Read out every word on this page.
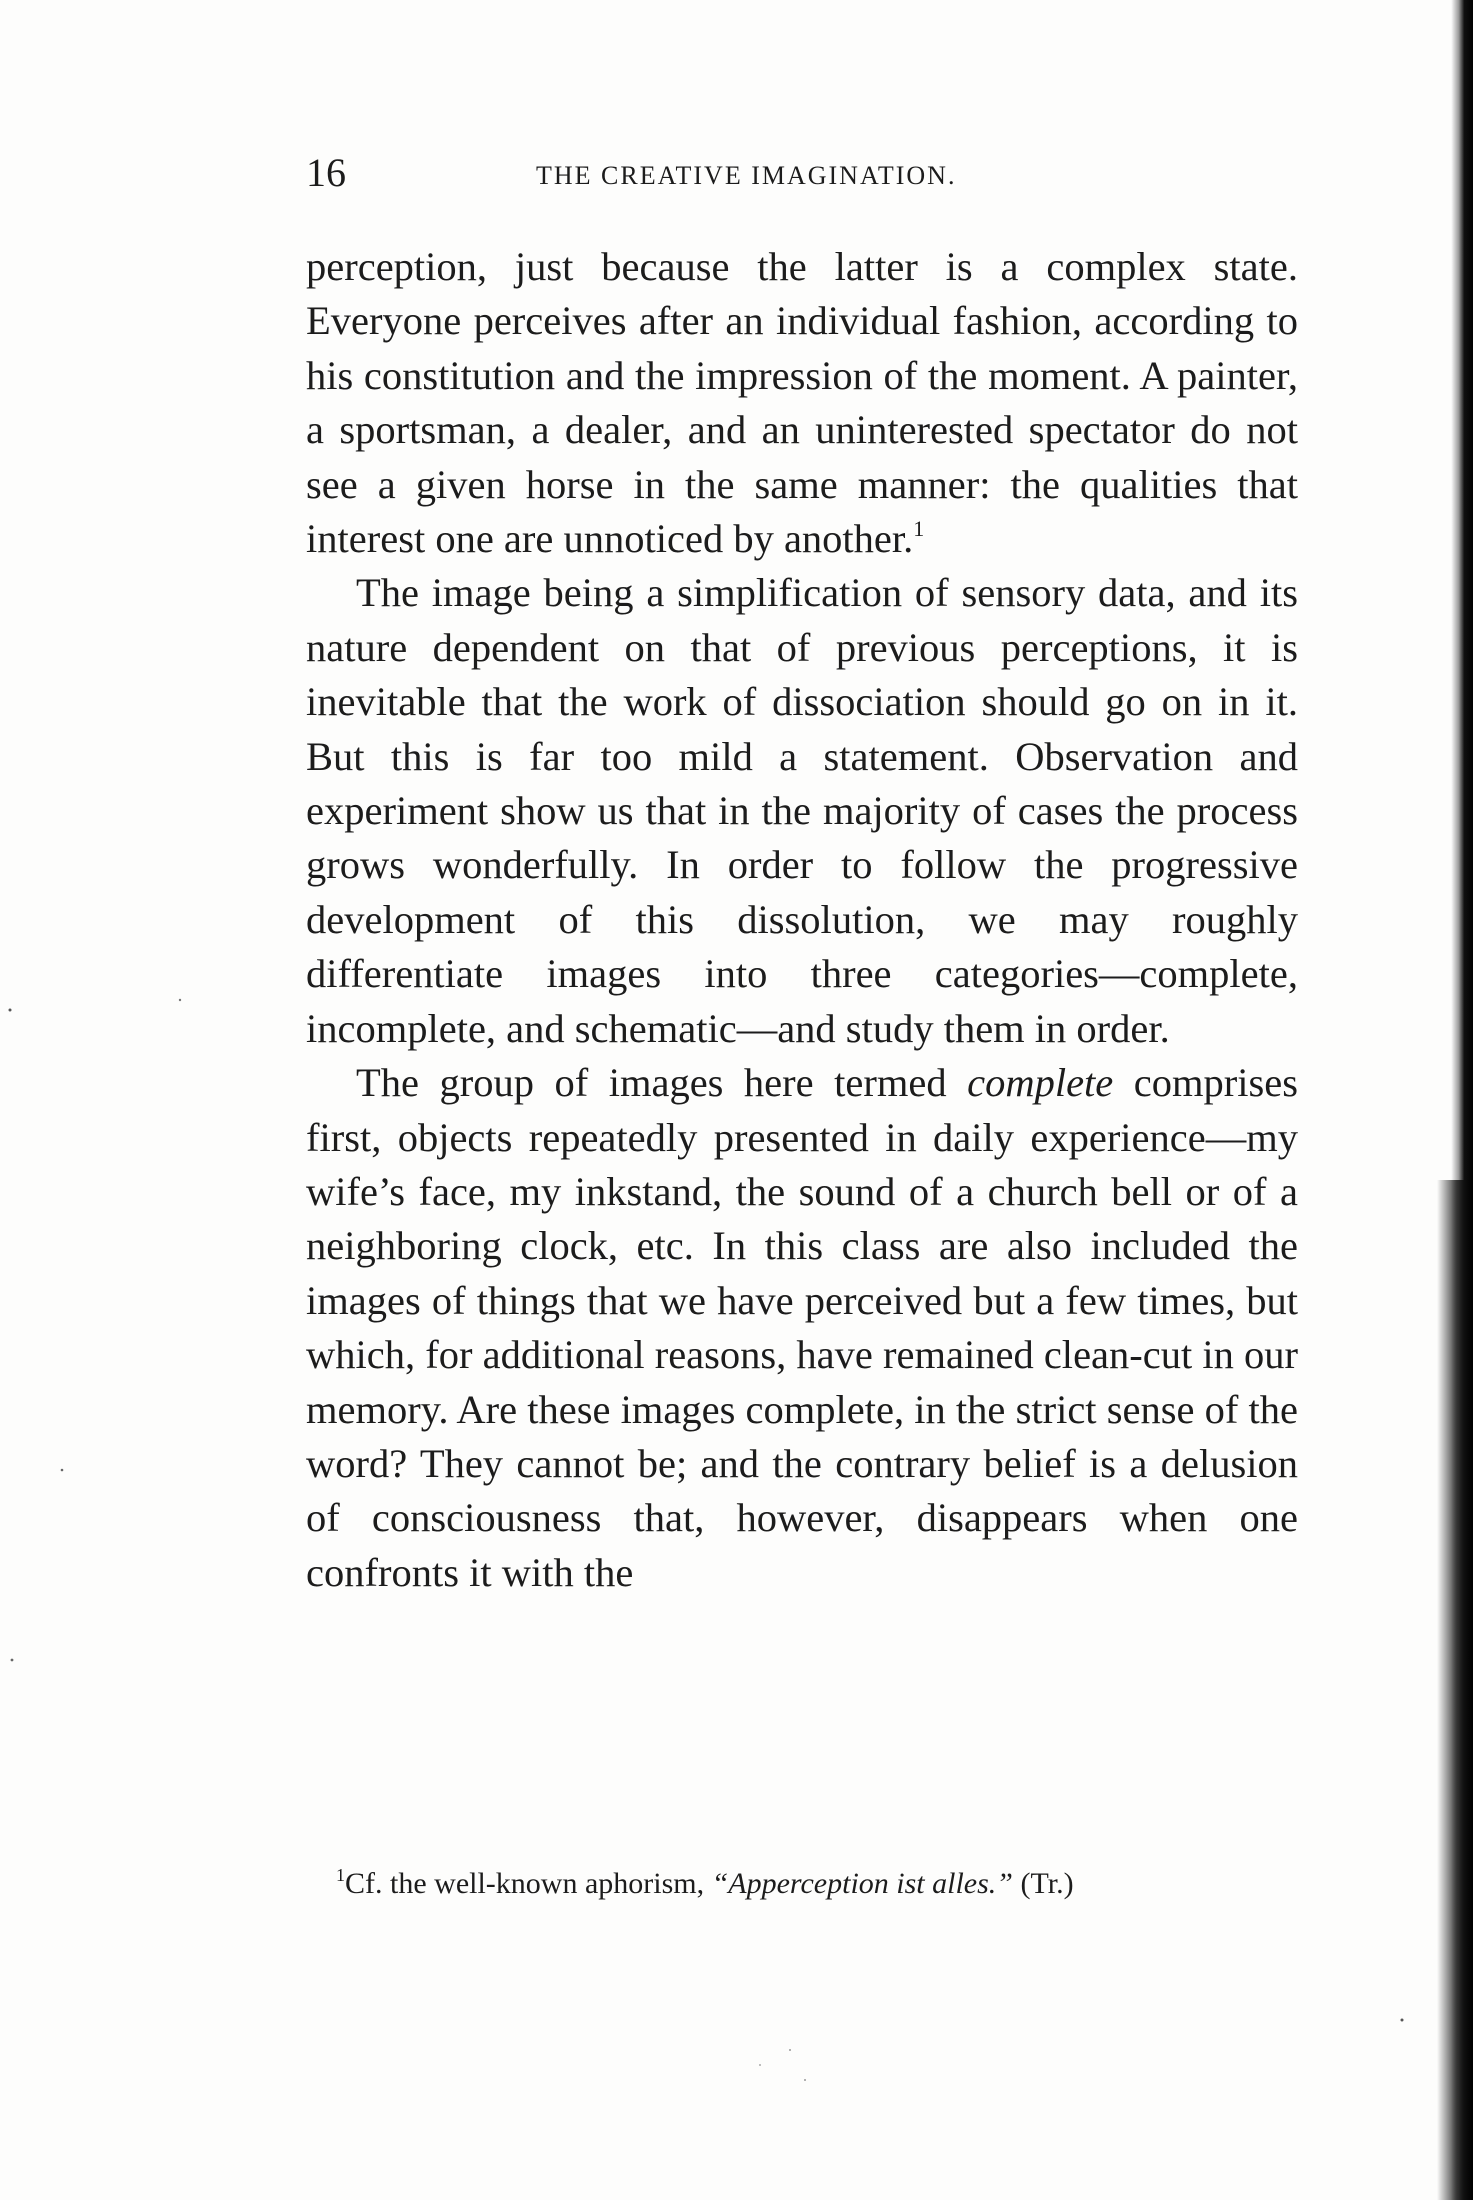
16	THE CREATIVE IMAGINATION.

perception, just because the latter is a complex state. Everyone perceives after an individual fashion, according to his constitution and the impression of the moment. A painter, a sportsman, a dealer, and an uninterested spectator do not see a given horse in the same manner: the qualities that interest one are unnoticed by another.$^1$

The image being a simplification of sensory data, and its nature dependent on that of previous perceptions, it is inevitable that the work of dissociation should go on in it. But this is far too mild a statement. Observation and experiment show us that in the majority of cases the process grows wonderfully. In order to follow the progressive development of this dissolution, we may roughly differentiate images into three categories—complete, incomplete, and schematic—and study them in order.

The group of images here termed complete comprises first, objects repeatedly presented in daily experience—my wife’s face, my inkstand, the sound of a church bell or of a neighboring clock, etc. In this class are also included the images of things that we have perceived but a few times, but which, for additional reasons, have remained clean-cut in our memory. Are these images complete, in the strict sense of the word? They cannot be; and the contrary belief is a delusion of consciousness that, however, disappears when one confronts it with the

$^1$Cf. the well-known aphorism, “Apperception ist alles.” (Tr.)
